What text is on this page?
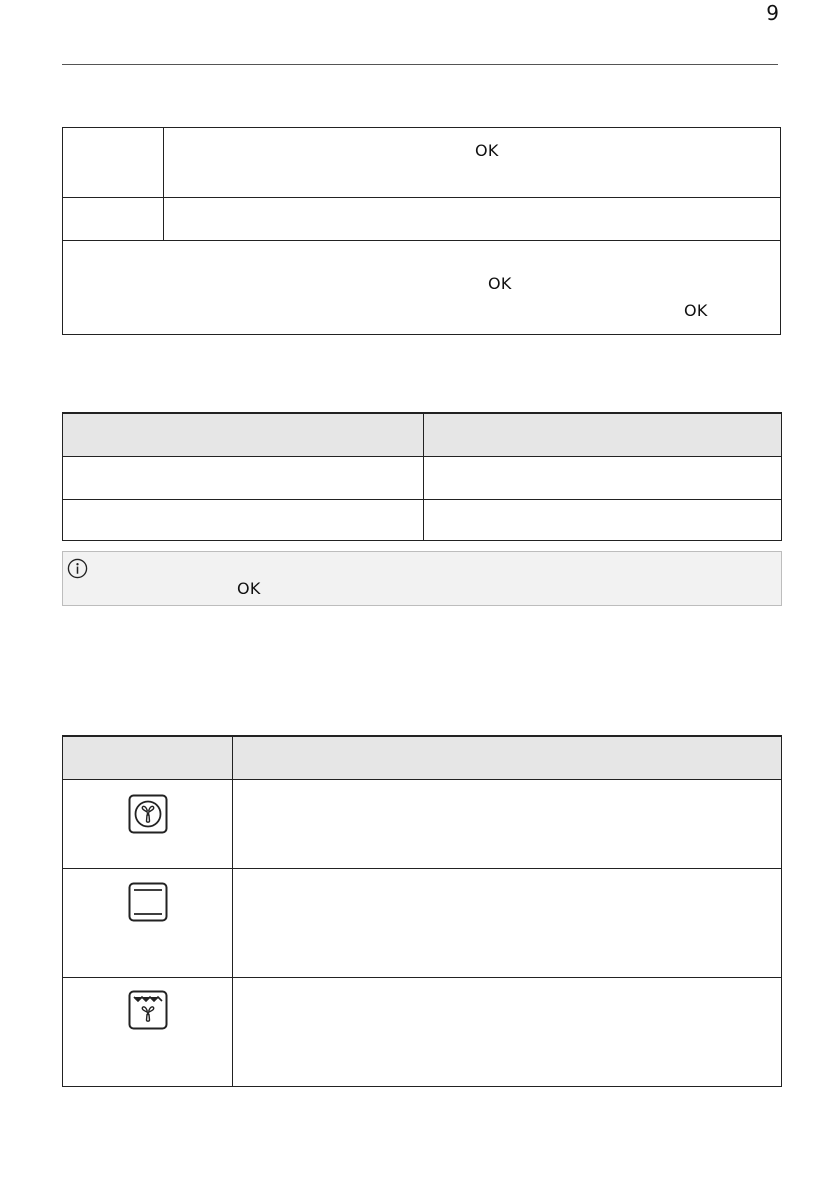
9
OK
OK
OK
OK
